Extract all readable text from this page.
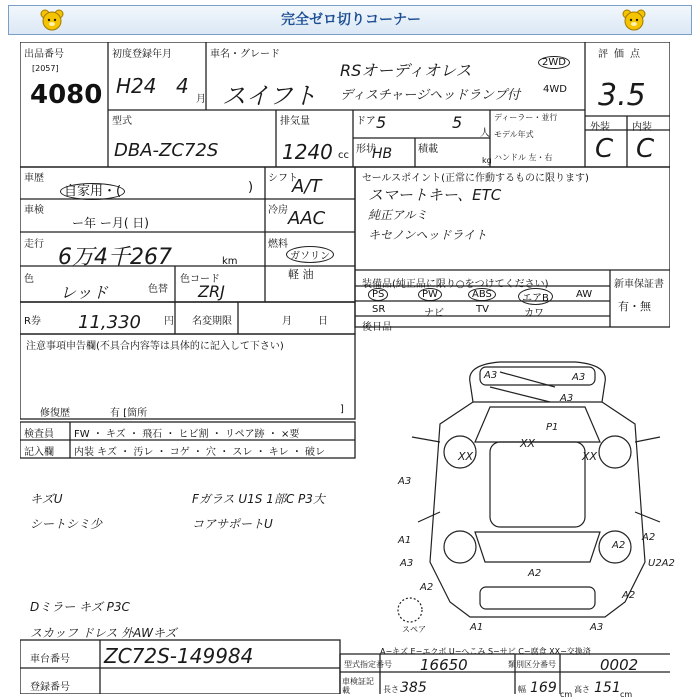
完全ゼロ切りコーナー
出品番号
[2057]
4080
初度登録年月
H24 4
月
車名・グレード
スイフト
RSオーディオレス
ディスチャージヘッドランプ付
2WD
4WD
評価点
3.5
外装 内装
C C
型式
DBA-ZC72S
排気量
1240 cc
ドア 5	5
人
形状
HB	積載
kg
ディーラー・並行
モデル年式
ハンドル 左・右
車歴
自家用・(	)
シフト
A/T
車検
ー年 ー月( 日)
冷房 AAC
走行
6万4千267	km
燃料
ガソリン
軽 油
色
レッド	色替
色コード
ZRJ
R券 11,330 円 名変期限	月	日
セールスポイント(正常に作動するものに限ります)
スマートキー、ETC
純正アルミ
キセノンヘッドライト
装備品(純正品に限り○をつけてください)	新車保証書
有・無
PS	PW	ABS	エアB	AW
SR	ナビ	TV	カワ
後日品
注意事項申告欄(不具合内容等は具体的に記入して下さい)
修復歴	有 [箇所	]
検査員
記入欄
FW ・ キズ ・ 飛石 ・ ヒビ割 ・ リペア跡 ・ ×要
内装 キズ ・ 汚レ ・ コゲ ・ 穴 ・ スレ ・ キレ ・ 破レ
キズU
シートシミ少
Dミラー キズ P3C
スカッフ ドレス 外AWキズ
Fガラス U1S 1部C P3大
コアサポートU
A3	A3
A3
P1
XX
XX	XX
A3
A2
A2
U2A2
A2
A2
A1
A2
A1	A3
A3
スペア
A−キズ E−エクボ U−へこみ S−サビ C−腐食 XX−交換済
車台番号 ZC72S-149984
登録番号
型式指定番号 16650	類別区分番号	0002
車検証記載	長さ 385	幅 169 cm
高さ 151 cm
